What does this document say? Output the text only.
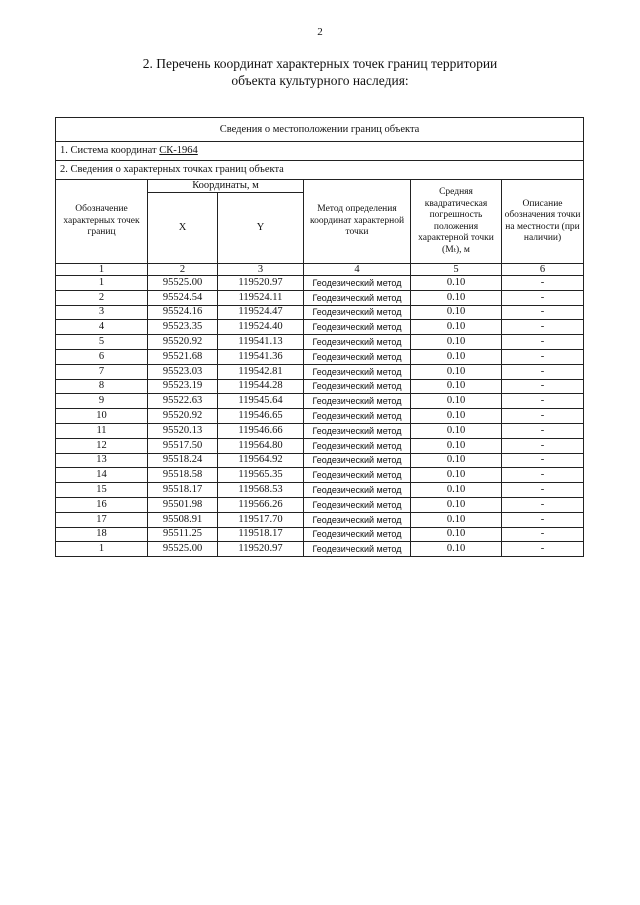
2
2. Перечень координат характерных точек границ территории
объекта культурного наследия:
Сведения о местоположении границ объекта					
1. Система координат СК-1964					
2. Сведения о характерных точках границ объекта					
Обозначение характерных точек границ	Координаты, м		Метод определения координат характерной точки	Средняя квадратическая погрешность положения характерной точки (Mₜ), м	Описание обозначения точки на местности (при наличии)
	X	Y			
1	2	3	4	5	6
1	95525.00	119520.97	Геодезический метод	0.10	-
2	95524.54	119524.11	Геодезический метод	0.10	-
3	95524.16	119524.47	Геодезический метод	0.10	-
4	95523.35	119524.40	Геодезический метод	0.10	-
5	95520.92	119541.13	Геодезический метод	0.10	-
6	95521.68	119541.36	Геодезический метод	0.10	-
7	95523.03	119542.81	Геодезический метод	0.10	-
8	95523.19	119544.28	Геодезический метод	0.10	-
9	95522.63	119545.64	Геодезический метод	0.10	-
10	95520.92	119546.65	Геодезический метод	0.10	-
11	95520.13	119546.66	Геодезический метод	0.10	-
12	95517.50	119564.80	Геодезический метод	0.10	-
13	95518.24	119564.92	Геодезический метод	0.10	-
14	95518.58	119565.35	Геодезический метод	0.10	-
15	95518.17	119568.53	Геодезический метод	0.10	-
16	95501.98	119566.26	Геодезический метод	0.10	-
17	95508.91	119517.70	Геодезический метод	0.10	-
18	95511.25	119518.17	Геодезический метод	0.10	-
1	95525.00	119520.97	Геодезический метод	0.10	-
